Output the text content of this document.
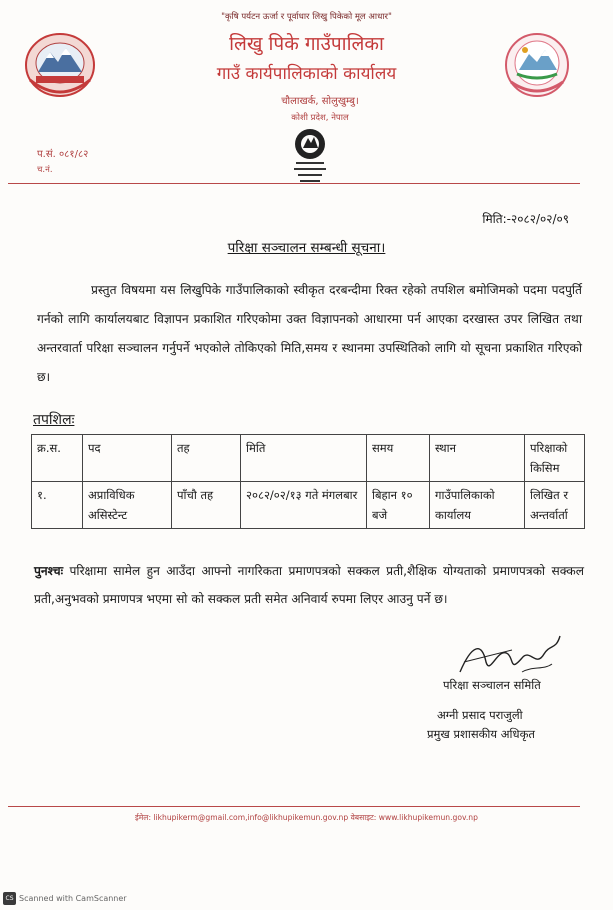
"कृषि पर्यटन ऊर्जा र पूर्वाधार लिखु पिकेको मूल आधार"
लिखु पिके गाउँपालिका
गाउँ कार्यपालिकाको कार्यालय
चौलाखर्क, सोलुखुम्बु।
कोशी प्रदेश, नेपाल
प.सं. ०८१/८२
च.नं.
मिति:-२०८२/०२/०९
परिक्षा सञ्चालन सम्बन्धी सूचना।
प्रस्तुत विषयमा यस लिखुपिके गाउँपालिकाको स्वीकृत दरबन्दीमा रिक्त रहेको तपशिल बमोजिमको पदमा पदपुर्ति गर्नको लागि कार्यालयबाट विज्ञापन प्रकाशित गरिएकोमा उक्त विज्ञापनको आधारमा पर्न आएका दरखास्त उपर लिखित तथा अन्तरवार्ता परिक्षा सञ्चालन गर्नुपर्ने भएकोले तोकिएको मिति,समय र स्थानमा उपस्थितिको लागि यो सूचना प्रकाशित गरिएको छ।
तपशिलः
क्र.स.	पद	तह	मिति	समय	स्थान	परिक्षाको किसिम
१.	अप्राविधिक असिस्टेन्ट	पाँचौ तह	२०८२/०२/१३ गते मंगलबार	बिहान १० बजे	गाउँपालिकाको कार्यालय	लिखित र अन्तर्वार्ता
पुनश्चः परिक्षामा सामेल हुन आउँदा आफ्नो नागरिकता प्रमाणपत्रको सक्कल प्रती,शैक्षिक योग्यताको प्रमाणपत्रको सक्कल प्रती,अनुभवको प्रमाणपत्र भएमा सो को सक्कल प्रती समेत अनिवार्य रुपमा लिएर आउनु पर्ने छ।
परिक्षा सञ्चालन समिति
अग्नी प्रसाद पराजुली
प्रमुख प्रशासकीय अधिकृत
ईमेल: likhupikerm@gmail.com,info@likhupikemun.gov.np वेबसाइट: www.likhupikemun.gov.np
CS Scanned with CamScanner
